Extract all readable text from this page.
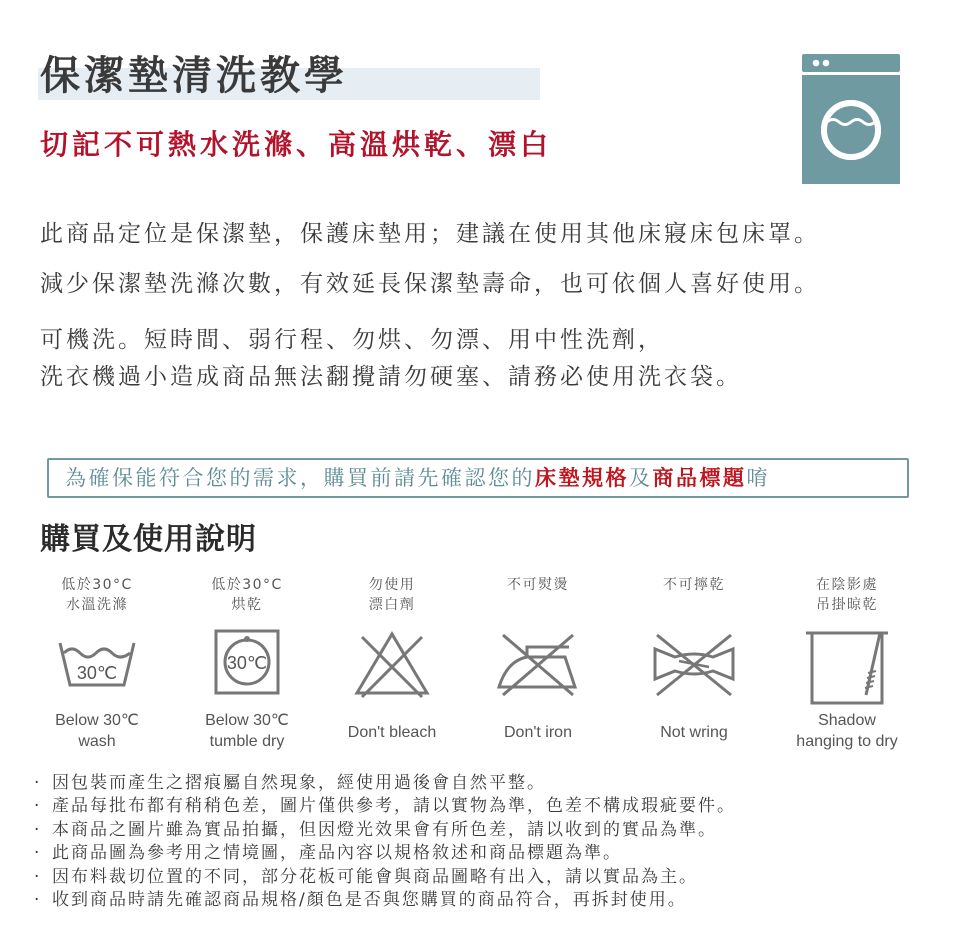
保潔墊清洗教學
切記不可熱水洗滌、高溫烘乾、漂白

此商品定位是保潔墊，保護床墊用；建議在使用其他床寢床包床罩。

減少保潔墊洗滌次數，有效延長保潔墊壽命，也可依個人喜好使用。

可機洗。短時間、弱行程、勿烘、勿漂、用中性洗劑，

洗衣機過小造成商品無法翻攪請勿硬塞、請務必使用洗衣袋。

為確保能符合您的需求，購買前請先確認您的床墊規格及商品標題唷
購買及使用說明
低於30°C
水溫洗滌
30℃
Below 30℃
wash
低於30°C
烘乾
30℃
Below 30℃
tumble dry
勿使用
漂白劑
Don't bleach
不可熨燙
Don't iron
不可擰乾
Not wring
在陰影處
吊掛晾乾
Shadow
hanging to dry
· 因包裝而產生之摺痕屬自然現象，經使用過後會自然平整。
· 產品每批布都有稍稍色差，圖片僅供參考，請以實物為準，色差不構成瑕疵要件。
· 本商品之圖片雖為實品拍攝，但因燈光效果會有所色差，請以收到的實品為準。
· 此商品圖為參考用之情境圖，產品內容以規格敘述和商品標題為準。
· 因布料裁切位置的不同，部分花板可能會與商品圖略有出入，請以實品為主。
· 收到商品時請先確認商品規格/顏色是否與您購買的商品符合，再拆封使用。
